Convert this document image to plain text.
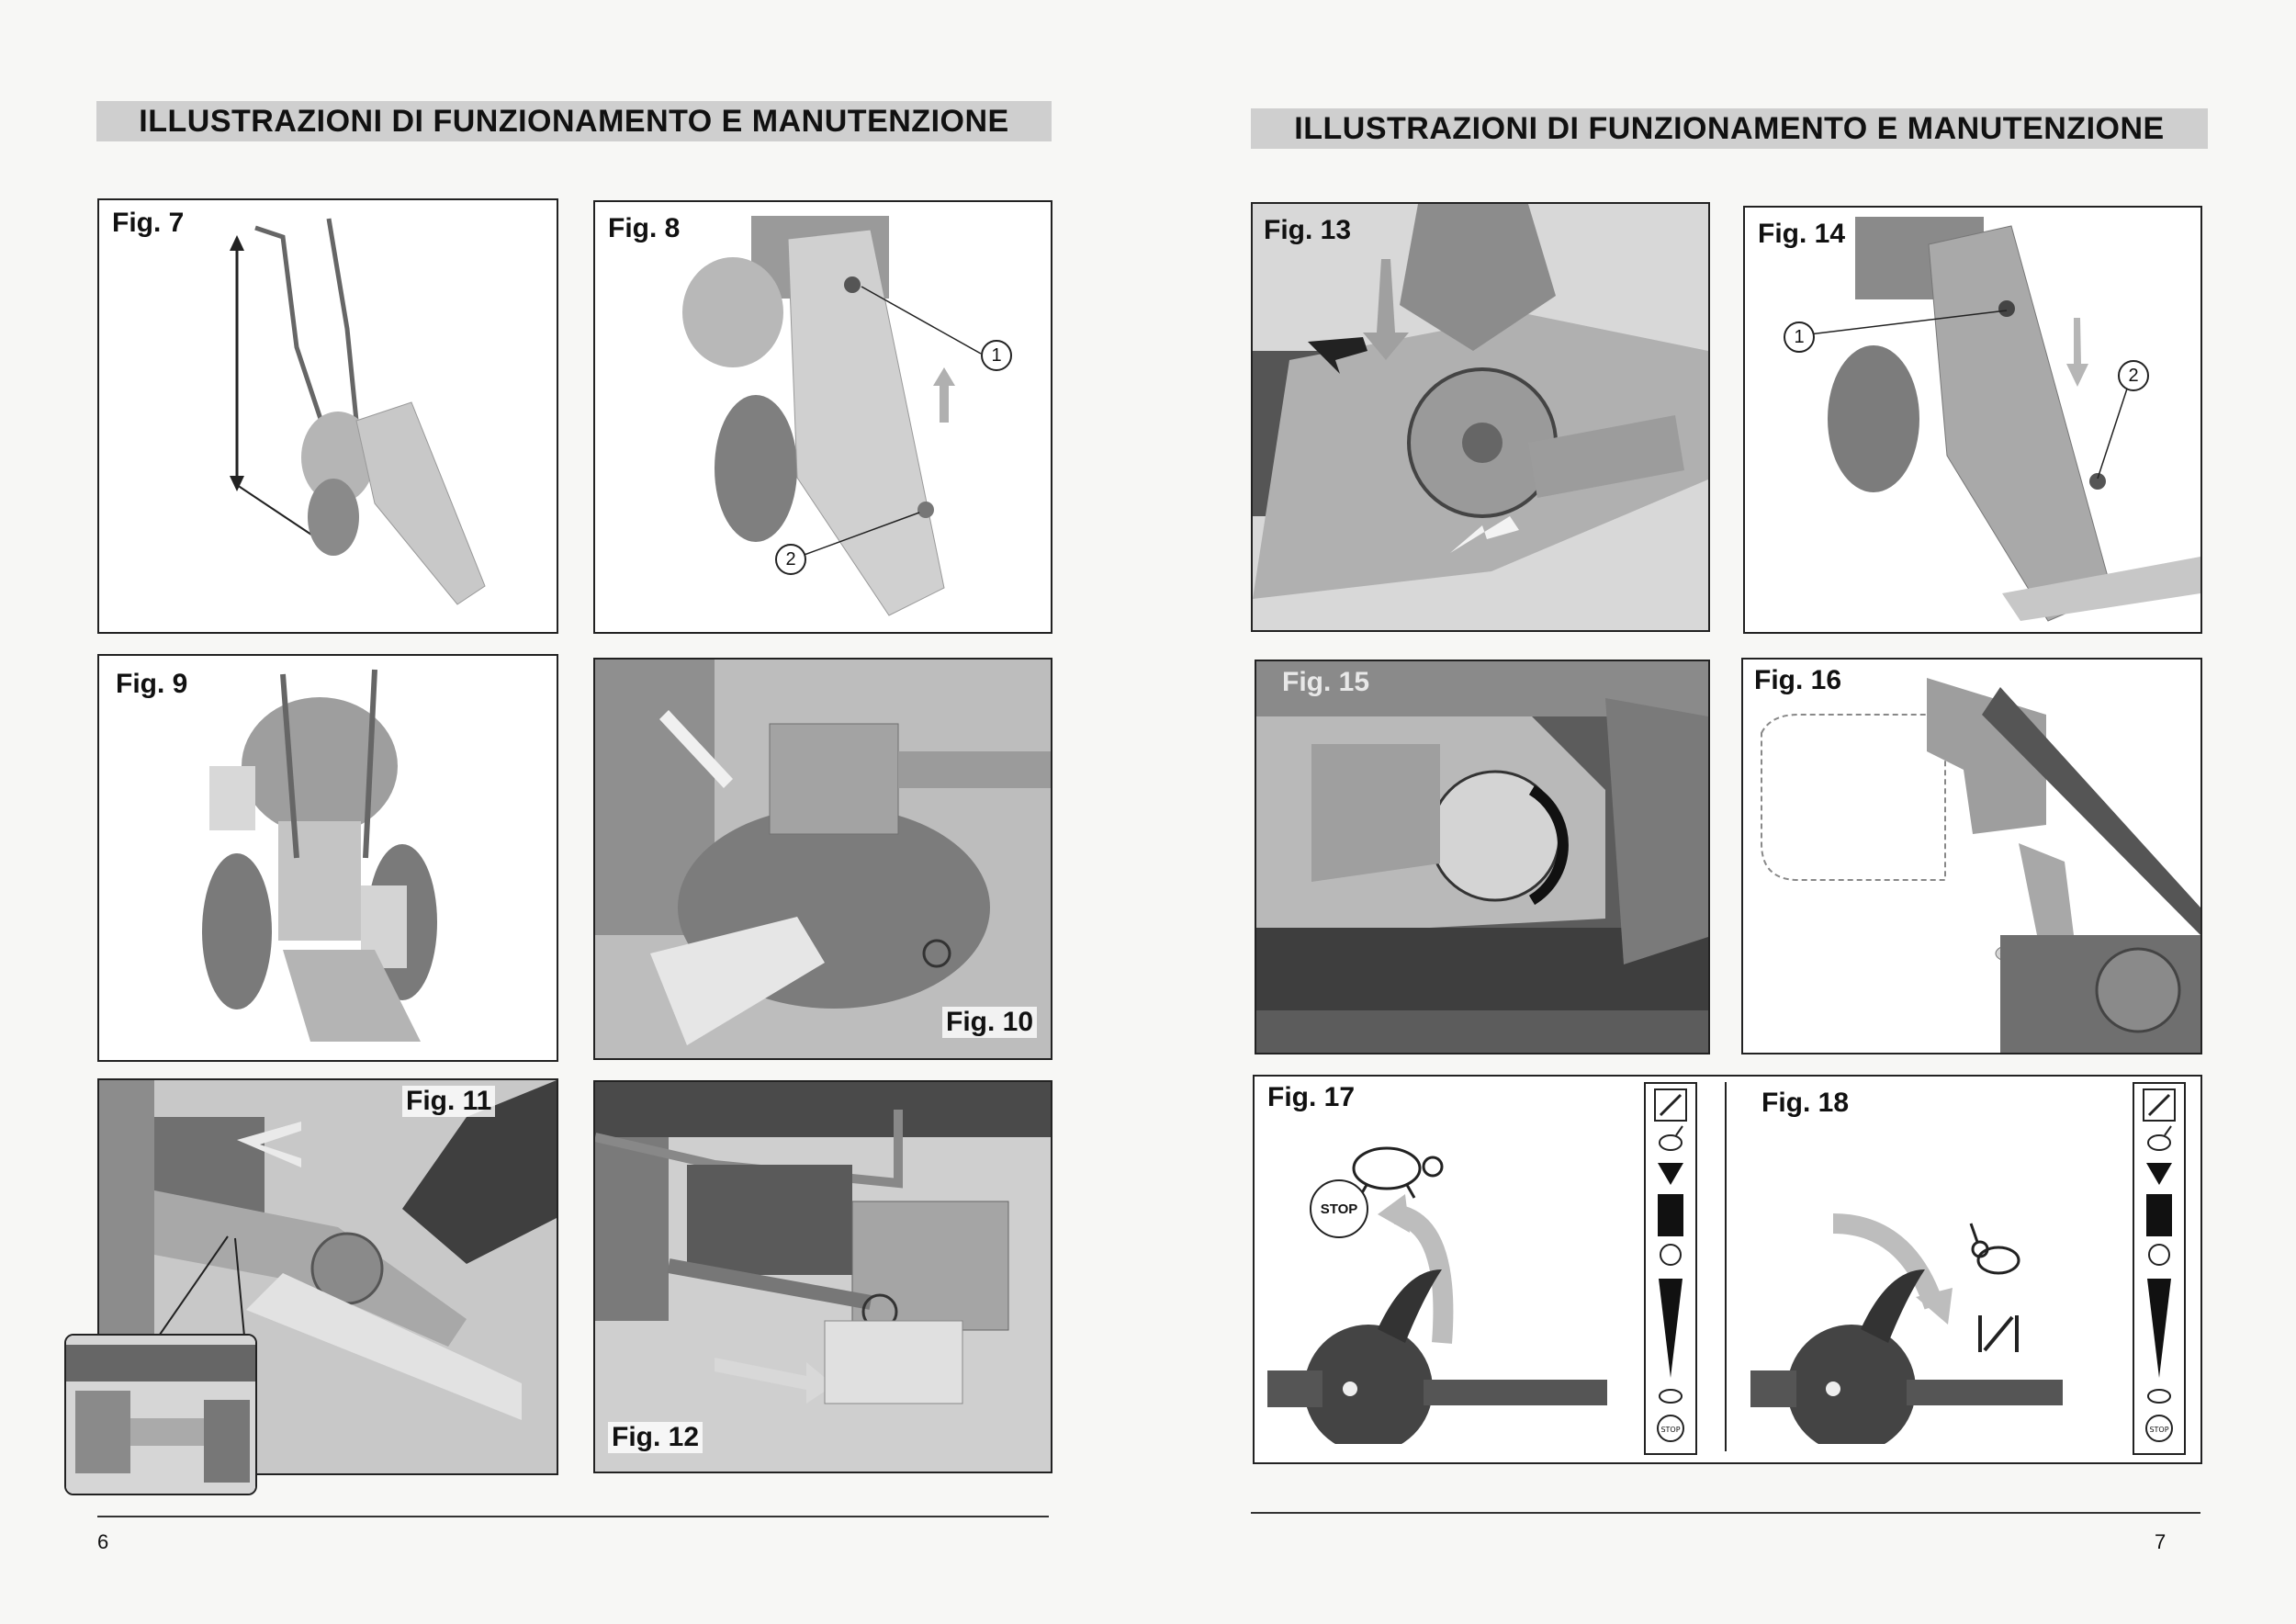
ILLUSTRAZIONI DI FUNZIONAMENTO E MANUTENZIONE
Fig. 7	Fig. 8
1
2
Fig. 9
Fig. 10
Fig. 11
Fig. 12
6
ILLUSTRAZIONI DI FUNZIONAMENTO E MANUTENZIONE
Fig. 13	Fig. 14
1
2
Fig. 15	Fig. 16
Fig. 17
STOP
STOP
Fig. 18
STOP
7
